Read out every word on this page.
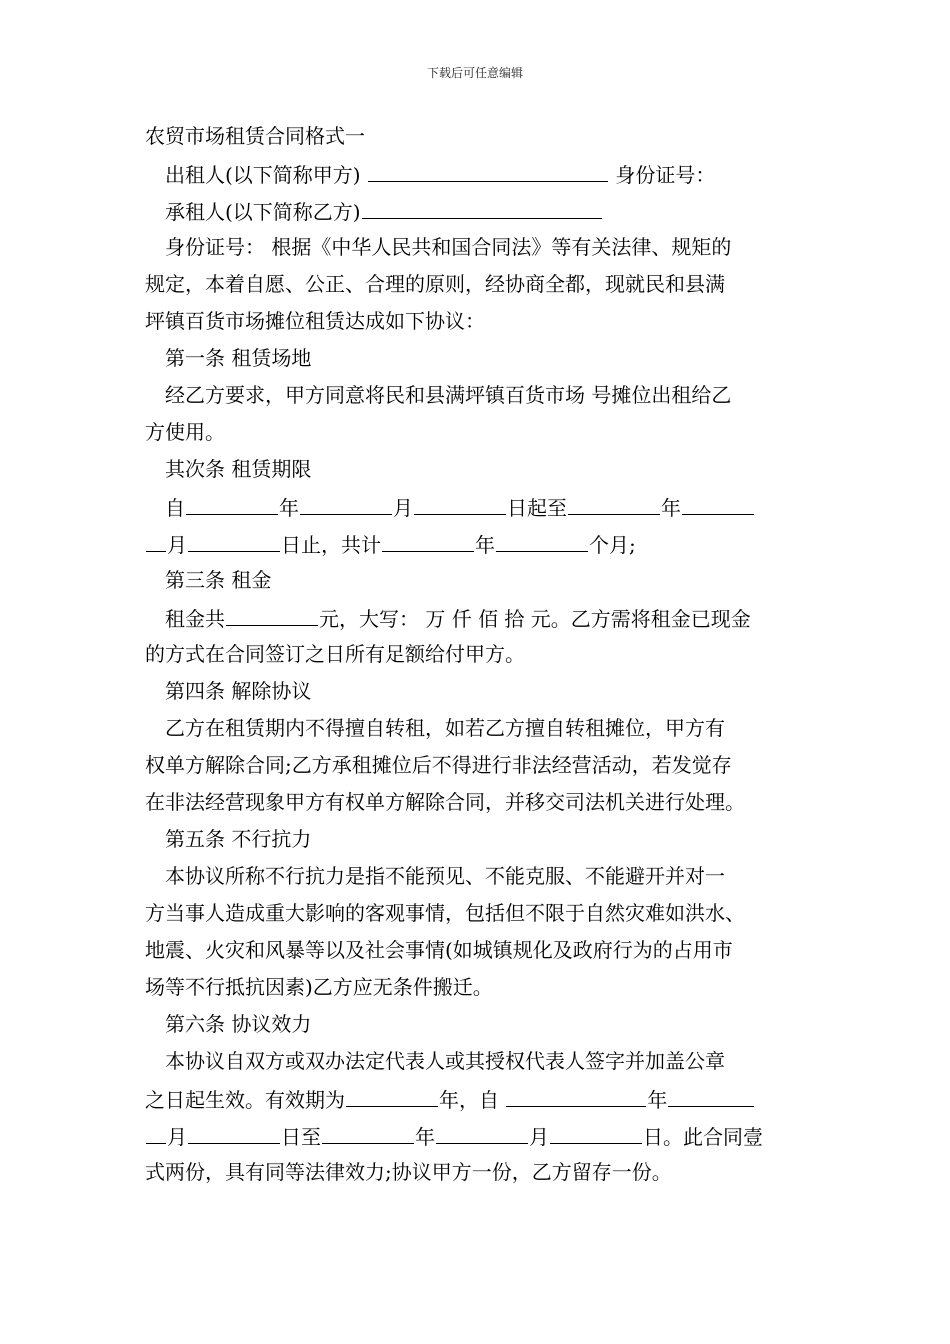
下载后可任意编辑
农贸市场租赁合同格式一
出租人(以下简称甲方)	身份证号：
承租人(以下简称乙方)
身份证号： 根据《中华人民共和国合同法》等有关法律、规矩的
规定，本着自愿、公正、合理的原则，经协商全都，现就民和县满
坪镇百货市场摊位租赁达成如下协议：
第一条 租赁场地
经乙方要求，甲方同意将民和县满坪镇百货市场 号摊位出租给乙
方使用。
其次条 租赁期限
自	年	月	日起至	年
月	日止，共计	年	个月;
第三条 租金
租金共	元，大写： 万 仟 佰 拾 元。乙方需将租金已现金
的方式在合同签订之日所有足额给付甲方。
第四条 解除协议
乙方在租赁期内不得擅自转租，如若乙方擅自转租摊位，甲方有
权单方解除合同;乙方承租摊位后不得进行非法经营活动，若发觉存
在非法经营现象甲方有权单方解除合同，并移交司法机关进行处理。
第五条 不行抗力
本协议所称不行抗力是指不能预见、不能克服、不能避开并对一
方当事人造成重大影响的客观事情，包括但不限于自然灾难如洪水、
地震、火灾和风暴等以及社会事情(如城镇规化及政府行为的占用市
场等不行抵抗因素)乙方应无条件搬迁。
第六条 协议效力
本协议自双方或双办法定代表人或其授权代表人签字并加盖公章
之日起生效。有效期为	年，自	年
月	日至	年	月	日。此合同壹
式两份，具有同等法律效力;协议甲方一份，乙方留存一份。
